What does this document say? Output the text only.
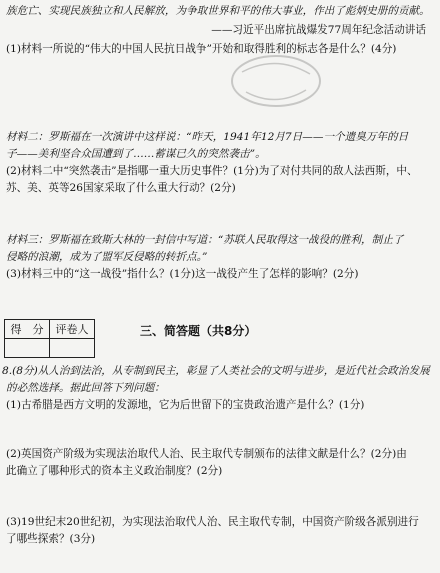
族危亡、实现民族独立和人民解放，为争取世界和平的伟大事业，作出了彪炳史册的贡献。
——习近平出席抗战爆发77周年纪念活动讲话
(1)材料一所说的“伟大的中国人民抗日战争”开始和取得胜利的标志各是什么？(4分)
材料二：罗斯福在一次演讲中这样说：“昨天，1941年12月7日——一个遗臭万年的日
子——美利坚合众国遭到了……蓄谋已久的突然袭击”。
(2)材料二中“突然袭击”是指哪一重大历史事件？(1分)为了对付共同的敌人法西斯，中、
苏、美、英等26国家采取了什么重大行动？(2分)
材料三：罗斯福在致斯大林的一封信中写道：“苏联人民取得这一战役的胜利，制止了
侵略的浪潮，成为了盟军反侵略的转折点。”
(3)材料三中的“这一战役”指什么？(1分)这一战役产生了怎样的影响？(2分)
得　分	评卷人
		三、简答题（共8分）
8.(8分)从人治到法治，从专制到民主，彰显了人类社会的文明与进步，是近代社会政治发展
的必然选择。据此回答下列问题：
(1)古希腊是西方文明的发源地，它为后世留下的宝贵政治遗产是什么？(1分)
(2)英国资产阶级为实现法治取代人治、民主取代专制颁布的法律文献是什么？(2分)由
此确立了哪种形式的资本主义政治制度？(2分)
(3)19世纪末20世纪初，为实现法治取代人治、民主取代专制，中国资产阶级各派别进行
了哪些探索？(3分)
